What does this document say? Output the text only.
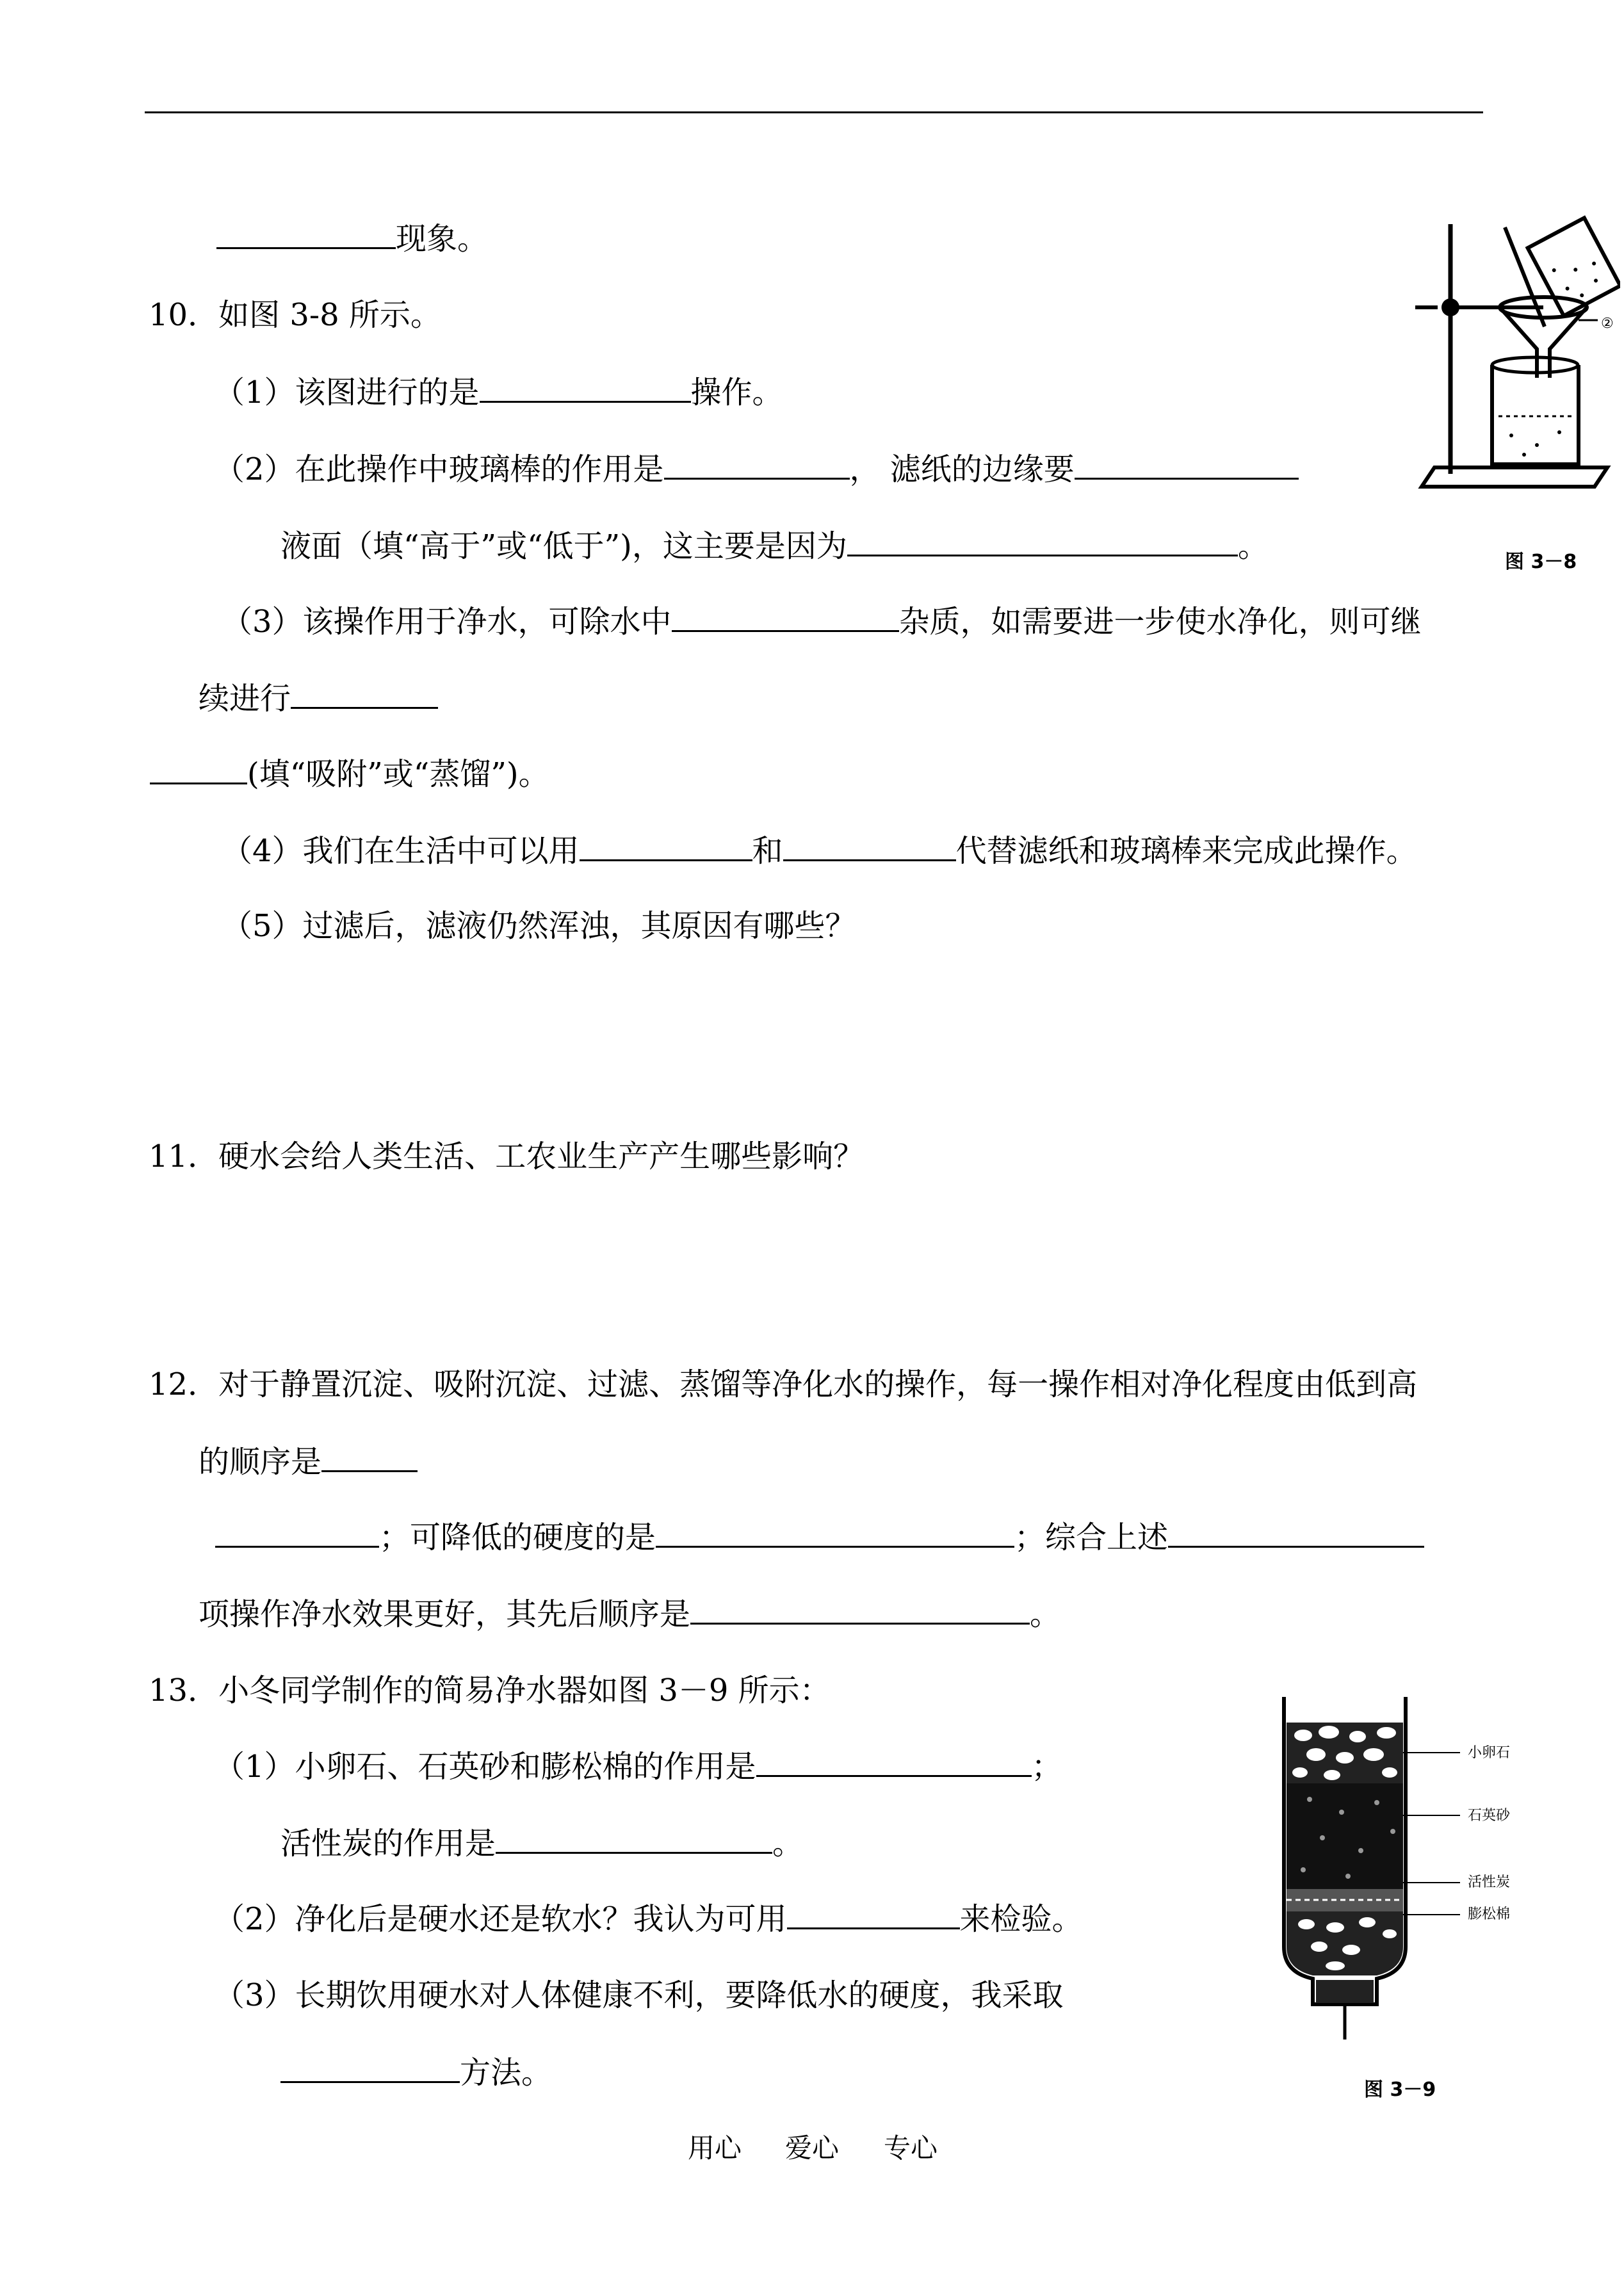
现象。
10．如图 3-8 所示。
（1）该图进行的是	操作。
（2）在此操作中玻璃棒的作用是	， 滤纸的边缘要
液面（填“高于”或“低于”)，这主要是因为	。
（3）该操作用于净水，可除水中	杂质，如需要进一步使水净化，则可继
续进行
(填“吸附”或“蒸馏”)。
（4）我们在生活中可以用	和	代替滤纸和玻璃棒来完成此操作。
（5）过滤后，滤液仍然浑浊，其原因有哪些？
11．硬水会给人类生活、工农业生产产生哪些影响？
12．对于静置沉淀、吸附沉淀、过滤、蒸馏等净化水的操作，每一操作相对净化程度由低到高
的顺序是
；可降低的硬度的是	；综合上述
项操作净水效果更好，其先后顺序是	。
13．小冬同学制作的简易净水器如图 3－9 所示：
（1）小卵石、石英砂和膨松棉的作用是	；
活性炭的作用是	。
（2）净化后是硬水还是软水？我认为可用	来检验。
（3）长期饮用硬水对人体健康不利，要降低水的硬度，我采取
方法。
②
图 3－8
小卵石
石英砂
活性炭
膨松棉
图 3－9
用心 爱心 专心
